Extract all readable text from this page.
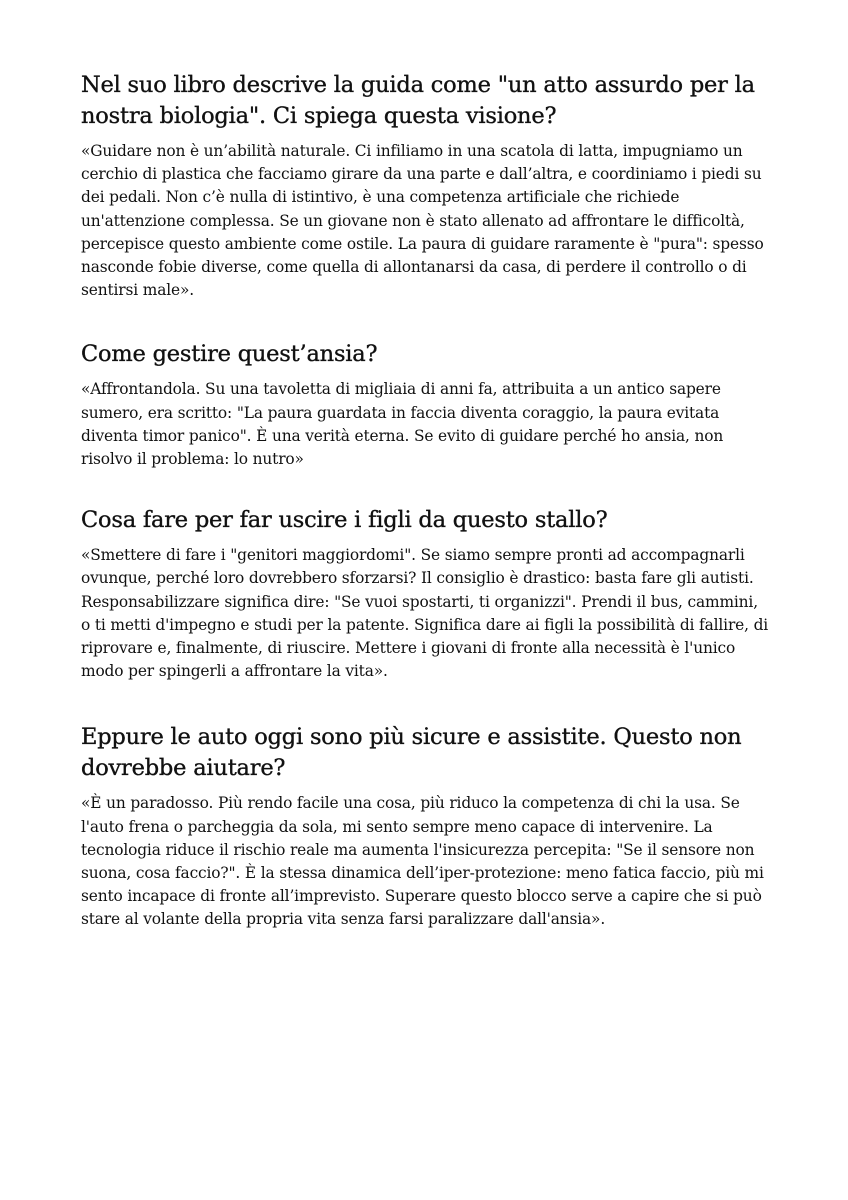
Nel suo libro descrive la guida come "un atto assurdo per la nostra biologia". Ci spiega questa visione?

«Guidare non è un’abilità naturale. Ci infiliamo in una scatola di latta, impugniamo un cerchio di plastica che facciamo girare da una parte e dall’altra, e coordiniamo i piedi su dei pedali. Non c’è nulla di istintivo, è una competenza artificiale che richiede un'attenzione complessa. Se un giovane non è stato allenato ad affrontare le difficoltà, percepisce questo ambiente come ostile. La paura di guidare raramente è "pura": spesso nasconde fobie diverse, come quella di allontanarsi da casa, di perdere il controllo o di sentirsi male».

Come gestire quest’ansia?

«Affrontandola. Su una tavoletta di migliaia di anni fa, attribuita a un antico sapere sumero, era scritto: "La paura guardata in faccia diventa coraggio, la paura evitata diventa timor panico". È una verità eterna. Se evito di guidare perché ho ansia, non risolvo il problema: lo nutro»

Cosa fare per far uscire i figli da questo stallo?

«Smettere di fare i "genitori maggiordomi". Se siamo sempre pronti ad accompagnarli ovunque, perché loro dovrebbero sforzarsi? Il consiglio è drastico: basta fare gli autisti. Responsabilizzare significa dire: "Se vuoi spostarti, ti organizzi". Prendi il bus, cammini, o ti metti d'impegno e studi per la patente. Significa dare ai figli la possibilità di fallire, di riprovare e, finalmente, di riuscire. Mettere i giovani di fronte alla necessità è l'unico modo per spingerli a affrontare la vita».

Eppure le auto oggi sono più sicure e assistite. Questo non dovrebbe aiutare?

«È un paradosso. Più rendo facile una cosa, più riduco la competenza di chi la usa. Se l'auto frena o parcheggia da sola, mi sento sempre meno capace di intervenire. La tecnologia riduce il rischio reale ma aumenta l'insicurezza percepita: "Se il sensore non suona, cosa faccio?". È la stessa dinamica dell’iper-protezione: meno fatica faccio, più mi sento incapace di fronte all’imprevisto. Superare questo blocco serve a capire che si può stare al volante della propria vita senza farsi paralizzare dall'ansia».
